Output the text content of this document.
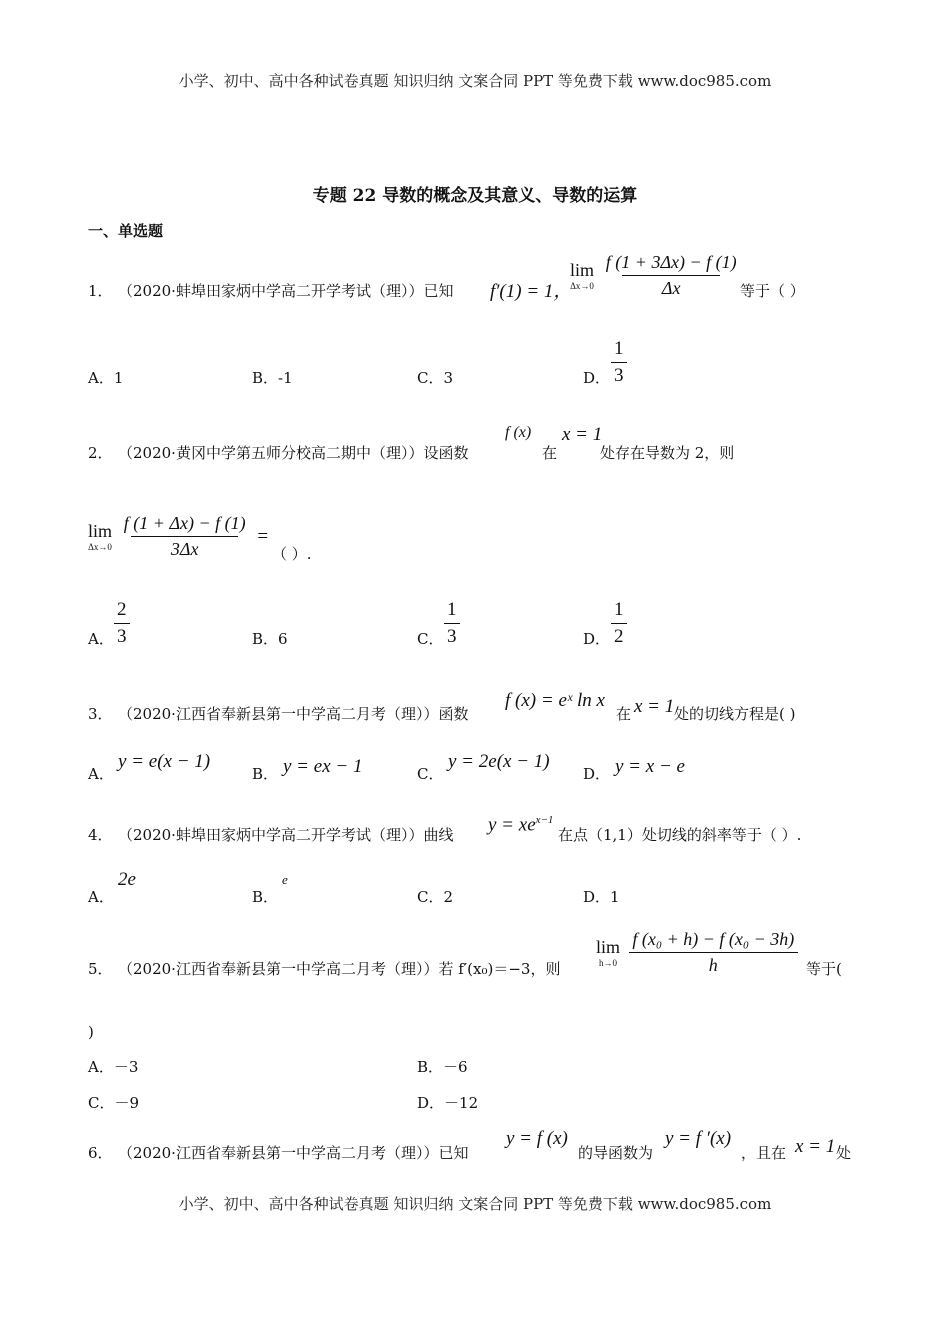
小学、初中、高中各种试卷真题 知识归纳 文案合同 PPT 等免费下载 www.doc985.com
专题 22 导数的概念及其意义、导数的运算
一、单选题
1． （2020·蚌埠田家炳中学高二开学考试（理））已知 f′(1) = 1，
lim
Δx→0
$\frac{f (1 + 3\Delta x) - f (1)}{\Delta x}$ 等于（ ）
A．1	B．-1	C．3	D． $\frac{1}{3}$
2． （2020·黄冈中学第五师分校高二期中（理））设函数
f (x)
在
x = 1
处存在导数为 2，则
lim
Δx→0
$\frac{f (1 + \Delta x) - f (1)}{3\Delta x}$ =
（ ）.
A． $\frac{2}{3}$	B．6	C． $\frac{1}{3}$	D． $\frac{1}{2}$
3． （2020·江西省奉新县第一中学高二月考（理））函数
f (x) = eˣ ln x
在 x = 1 处的切线方程是( )
A．
y = e(x − 1)
B． y = ex − 1	C．
y = 2e(x − 1)
D． y = x − e
4． （2020·蚌埠田家炳中学高二开学考试（理））曲线 $y = xe^{x-1}$
在点（1,1）处切线的斜率等于（ ）.
A．
2e
B．
e
C．2	D．1
5． （2020·江西省奉新县第一中学高二月考（理））若 f′(x₀)＝−3，则
lim
h→0
$\frac{\text{f (x₀ + h) − f (x₀ − 3h)}}{h}$ 等于(
)
A．－3	B．－6
C．－9	D．－12
6． （2020·江西省奉新县第一中学高二月考（理））已知
y = f (x)
的导函数为
y = f ′(x)
，且在 x = 1 处
小学、初中、高中各种试卷真题 知识归纳 文案合同 PPT 等免费下载 www.doc985.com
